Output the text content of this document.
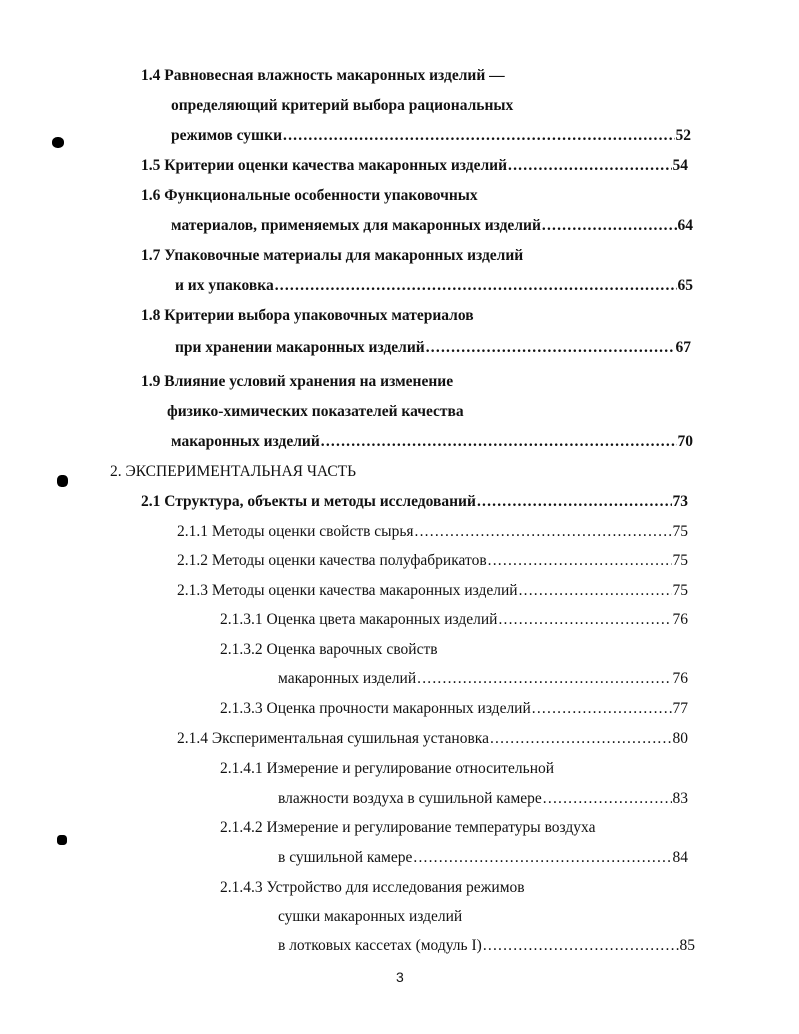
1.4 Равновесная влажность макаронных изделий —
определяющий критерий выбора рациональных
режимов сушки .....	52
1.5 Критерии оценки качества макаронных изделий .....	54
1.6 Функциональные особенности упаковочных
материалов, применяемых для макаронных изделий .....	64
1.7 Упаковочные материалы для макаронных изделий
и их упаковка .....	65
1.8 Критерии выбора упаковочных материалов
при хранении макаронных изделий .....	67
1.9 Влияние условий хранения на изменение
физико-химических показателей качества
макаронных изделий .....	70
2. ЭКСПЕРИМЕНТАЛЬНАЯ ЧАСТЬ
2.1 Структура, объекты и методы исследований .....	73
2.1.1 Методы оценки свойств сырья .....	75
2.1.2 Методы оценки качества полуфабрикатов .....	75
2.1.3 Методы оценки качества макаронных изделий .....	75
2.1.3.1 Оценка цвета макаронных изделий .....	76
2.1.3.2 Оценка варочных свойств
макаронных изделий .....	76
2.1.3.3 Оценка прочности макаронных изделий .....	77
2.1.4 Экспериментальная сушильная установка .....	80
2.1.4.1 Измерение и регулирование относительной
влажности воздуха в сушильной камере .....	83
2.1.4.2 Измерение и регулирование температуры воздуха
в сушильной камере .....	84
2.1.4.3 Устройство для исследования режимов
сушки макаронных изделий
в лотковых кассетах (модуль I) .....	85
3
